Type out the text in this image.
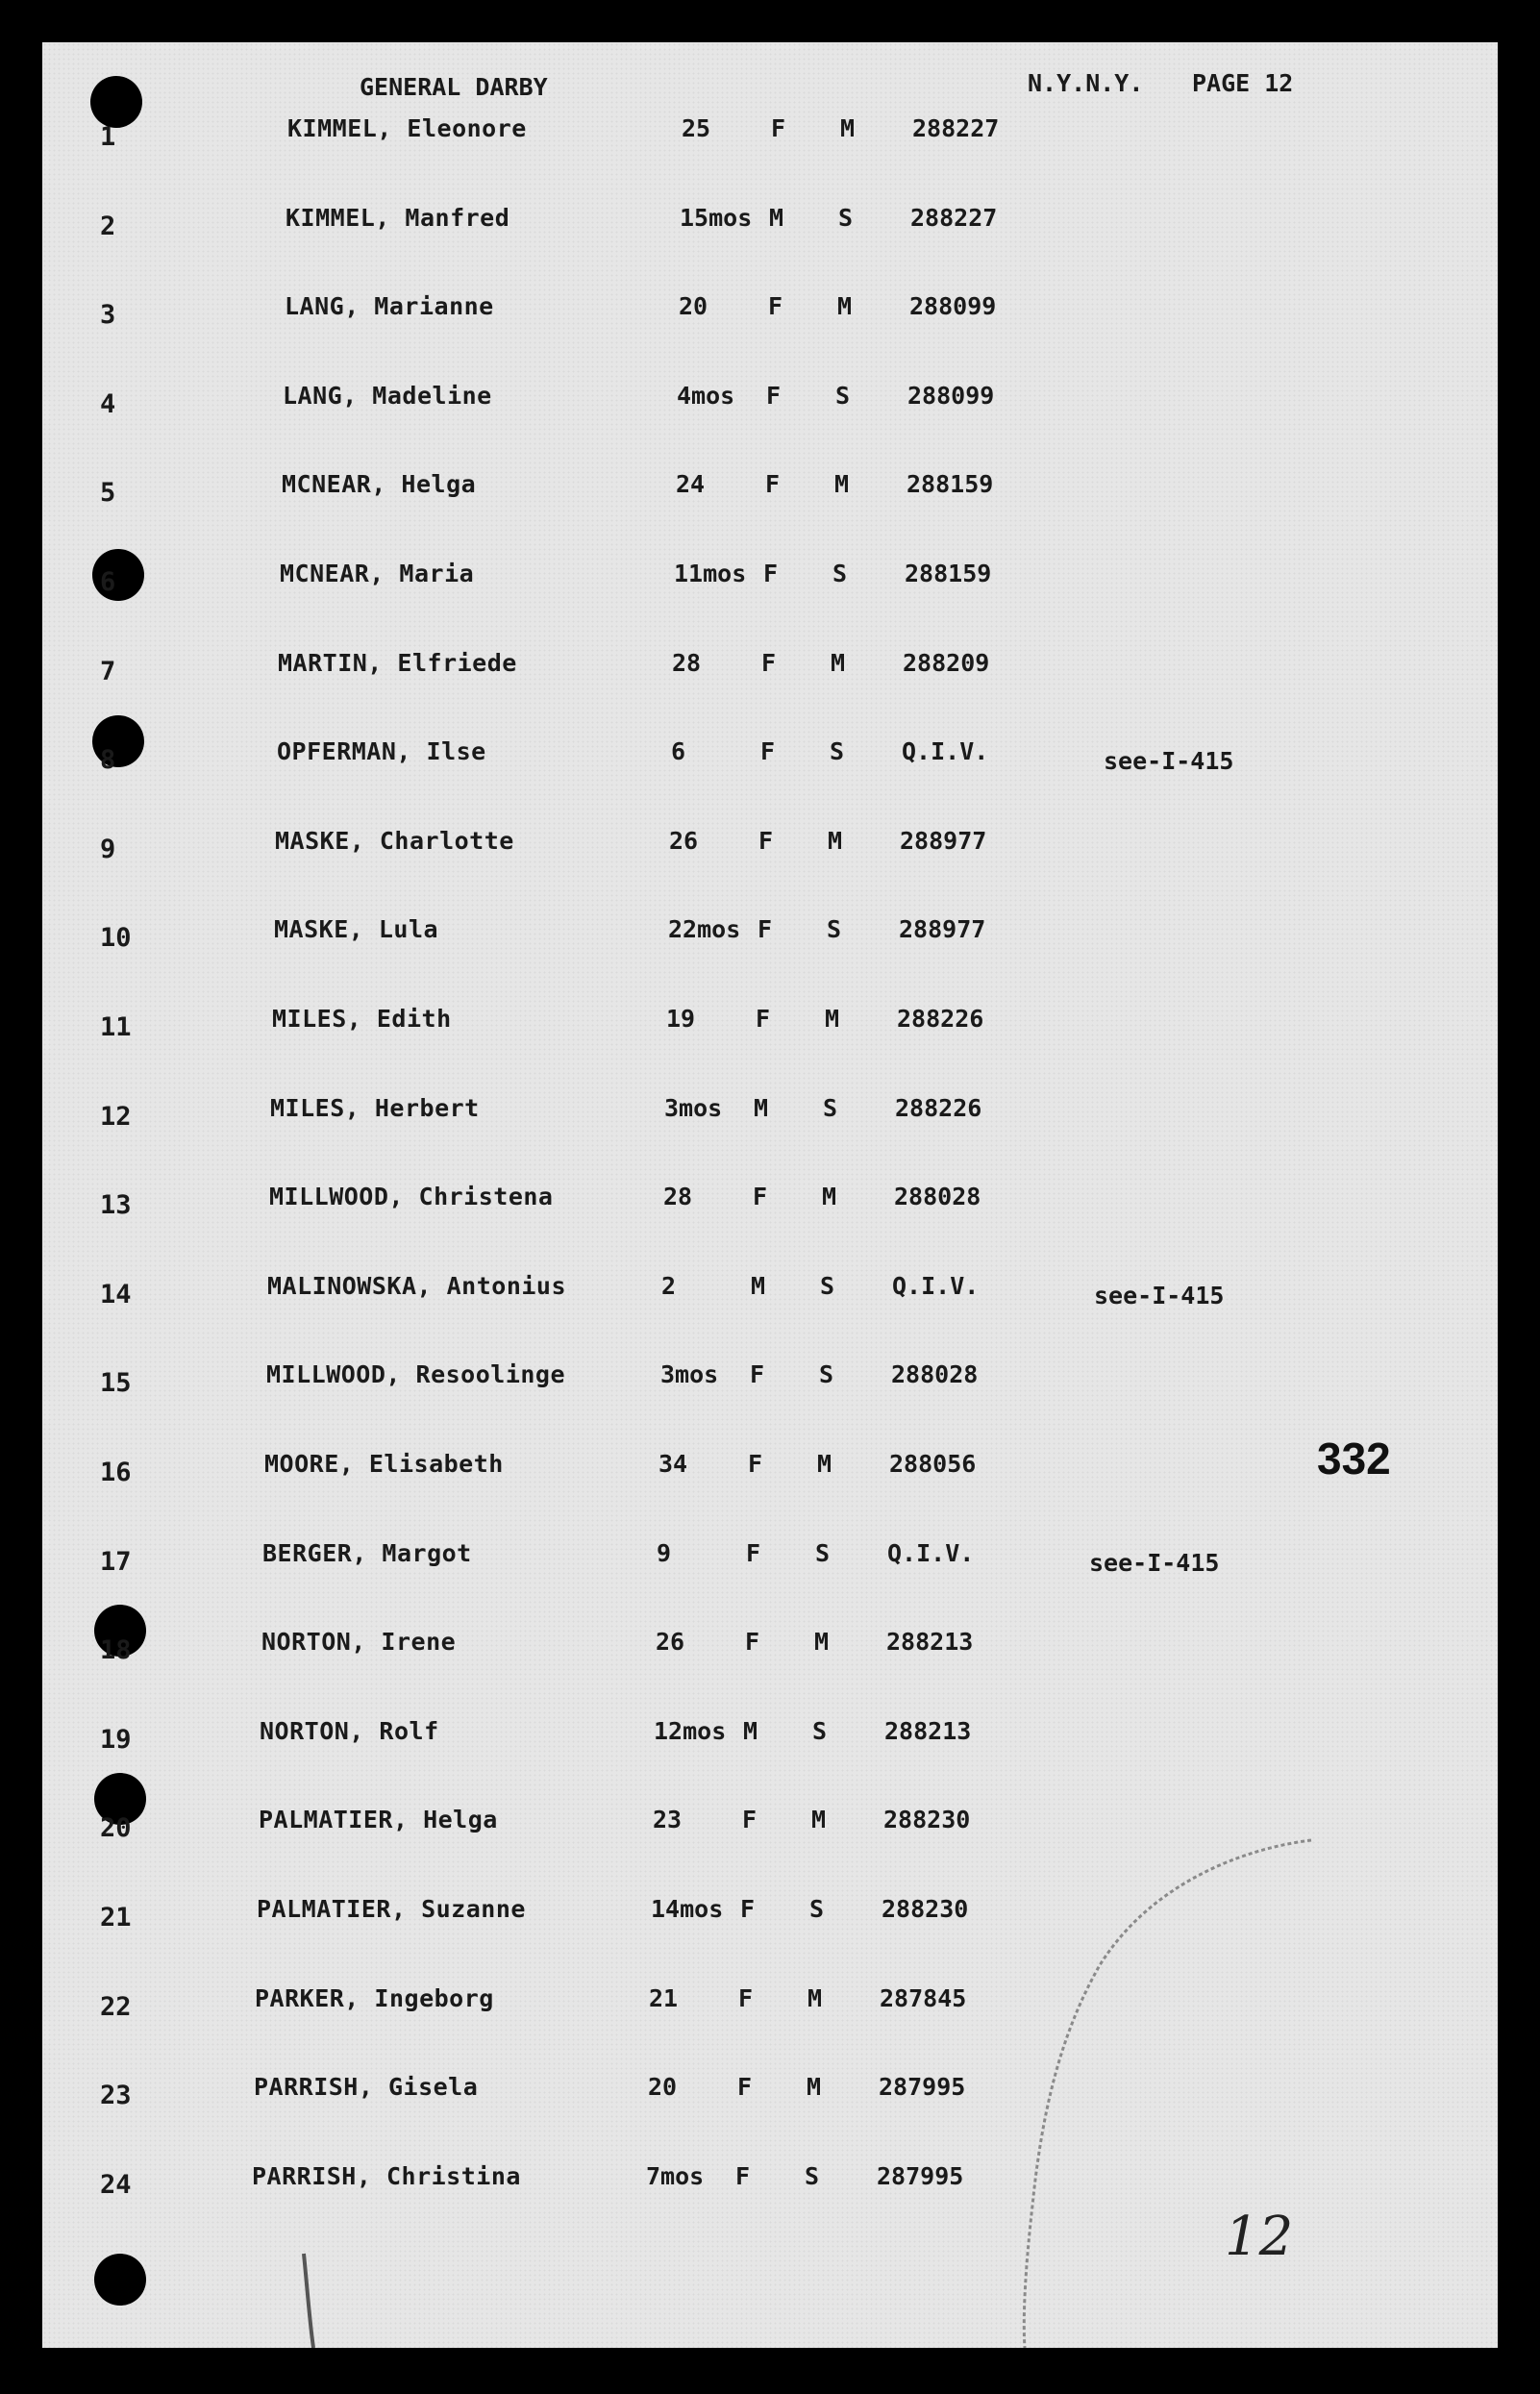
GENERAL DARBY	N.Y.N.Y. PAGE 12
1	KIMMEL, Eleonore	25	F M 288227
2	KIMMEL, Manfred	15mos M S 288227
3	LANG, Marianne	20	F M 288099
4	LANG, Madeline	4mos F S 288099
5	MCNEAR, Helga	24	F M 288159
6	MCNEAR, Maria	11mos F S 288159
7	MARTIN, Elfriede	28	F M 288209
8	OPFERMAN, Ilse	6	F S Q.I.V.	see-I-415
9	MASKE, Charlotte	26	F M 288977
10	MASKE, Lula	22mos F S 288977
11	MILES, Edith	19	F M 288226
12	MILES, Herbert	3mos M S 288226
13	MILLWOOD, Christena	28	F M 288028
14	MALINOWSKA, Antonius	2	M S Q.I.V.	see-I-415
15	MILLWOOD, Resoolinge	3mos F S 288028
16	MOORE, Elisabeth	34	F M 288056
17	BERGER, Margot	9	F S Q.I.V.	see-I-415
18	NORTON, Irene	26	F M 288213
19	NORTON, Rolf	12mos M S 288213
20	PALMATIER, Helga	23	F M 288230
21	PALMATIER, Suzanne	14mos F S 288230
22	PARKER, Ingeborg	21	F M 287845
23	PARRISH, Gisela	20	F M 287995
24	PARRISH, Christina	7mos F S 287995
332
12
